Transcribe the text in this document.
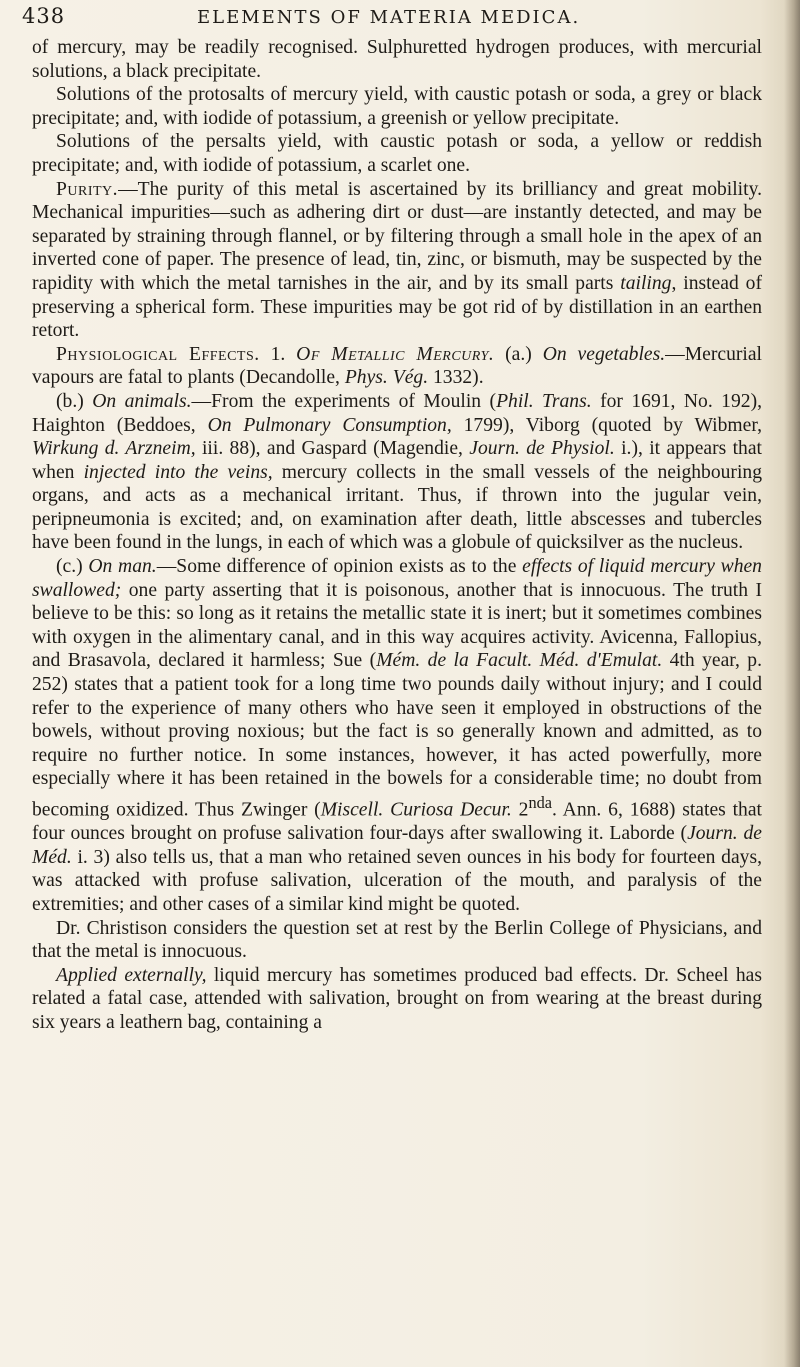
438	ELEMENTS OF MATERIA MEDICA.

of mercury, may be readily recognised. Sulphuretted hydrogen produces, with mercurial solutions, a black precipitate.

Solutions of the protosalts of mercury yield, with caustic potash or soda, a grey or black precipitate; and, with iodide of potassium, a greenish or yellow precipitate.

Solutions of the persalts yield, with caustic potash or soda, a yellow or reddish precipitate; and, with iodide of potassium, a scarlet one.

Purity.—The purity of this metal is ascertained by its brilliancy and great mobility. Mechanical impurities—such as adhering dirt or dust—are instantly detected, and may be separated by straining through flannel, or by filtering through a small hole in the apex of an inverted cone of paper. The presence of lead, tin, zinc, or bismuth, may be suspected by the rapidity with which the metal tarnishes in the air, and by its small parts tailing, instead of preserving a spherical form. These impurities may be got rid of by distillation in an earthen retort.

Physiological Effects. 1. Of Metallic Mercury. (a.) On vegetables.—Mercurial vapours are fatal to plants (Decandolle, Phys. Vég. 1332).

(b.) On animals.—From the experiments of Moulin (Phil. Trans. for 1691, No. 192), Haighton (Beddoes, On Pulmonary Consumption, 1799), Viborg (quoted by Wibmer, Wirkung d. Arzneim, iii. 88), and Gaspard (Magendie, Journ. de Physiol. i.), it appears that when injected into the veins, mercury collects in the small vessels of the neighbouring organs, and acts as a mechanical irritant. Thus, if thrown into the jugular vein, peripneumonia is excited; and, on examination after death, little abscesses and tubercles have been found in the lungs, in each of which was a globule of quicksilver as the nucleus.

(c.) On man.—Some difference of opinion exists as to the effects of liquid mercury when swallowed; one party asserting that it is poisonous, another that is innocuous. The truth I believe to be this: so long as it retains the metallic state it is inert; but it sometimes combines with oxygen in the alimentary canal, and in this way acquires activity. Avicenna, Fallopius, and Brasavola, declared it harmless; Sue (Mém. de la Facult. Méd. d'Emulat. 4th year, p. 252) states that a patient took for a long time two pounds daily without injury; and I could refer to the experience of many others who have seen it employed in obstructions of the bowels, without proving noxious; but the fact is so generally known and admitted, as to require no further notice. In some instances, however, it has acted powerfully, more especially where it has been retained in the bowels for a considerable time; no doubt from becoming oxidized. Thus Zwinger (Miscell. Curiosa Decur. $2^{nda}$. Ann. 6, 1688) states that four ounces brought on profuse salivation four-days after swallowing it. Laborde (Journ. de Méd. i. 3) also tells us, that a man who retained seven ounces in his body for fourteen days, was attacked with profuse salivation, ulceration of the mouth, and paralysis of the extremities; and other cases of a similar kind might be quoted.

Dr. Christison considers the question set at rest by the Berlin College of Physicians, and that the metal is innocuous.

Applied externally, liquid mercury has sometimes produced bad effects. Dr. Scheel has related a fatal case, attended with salivation, brought on from wearing at the breast during six years a leathern bag, containing a
